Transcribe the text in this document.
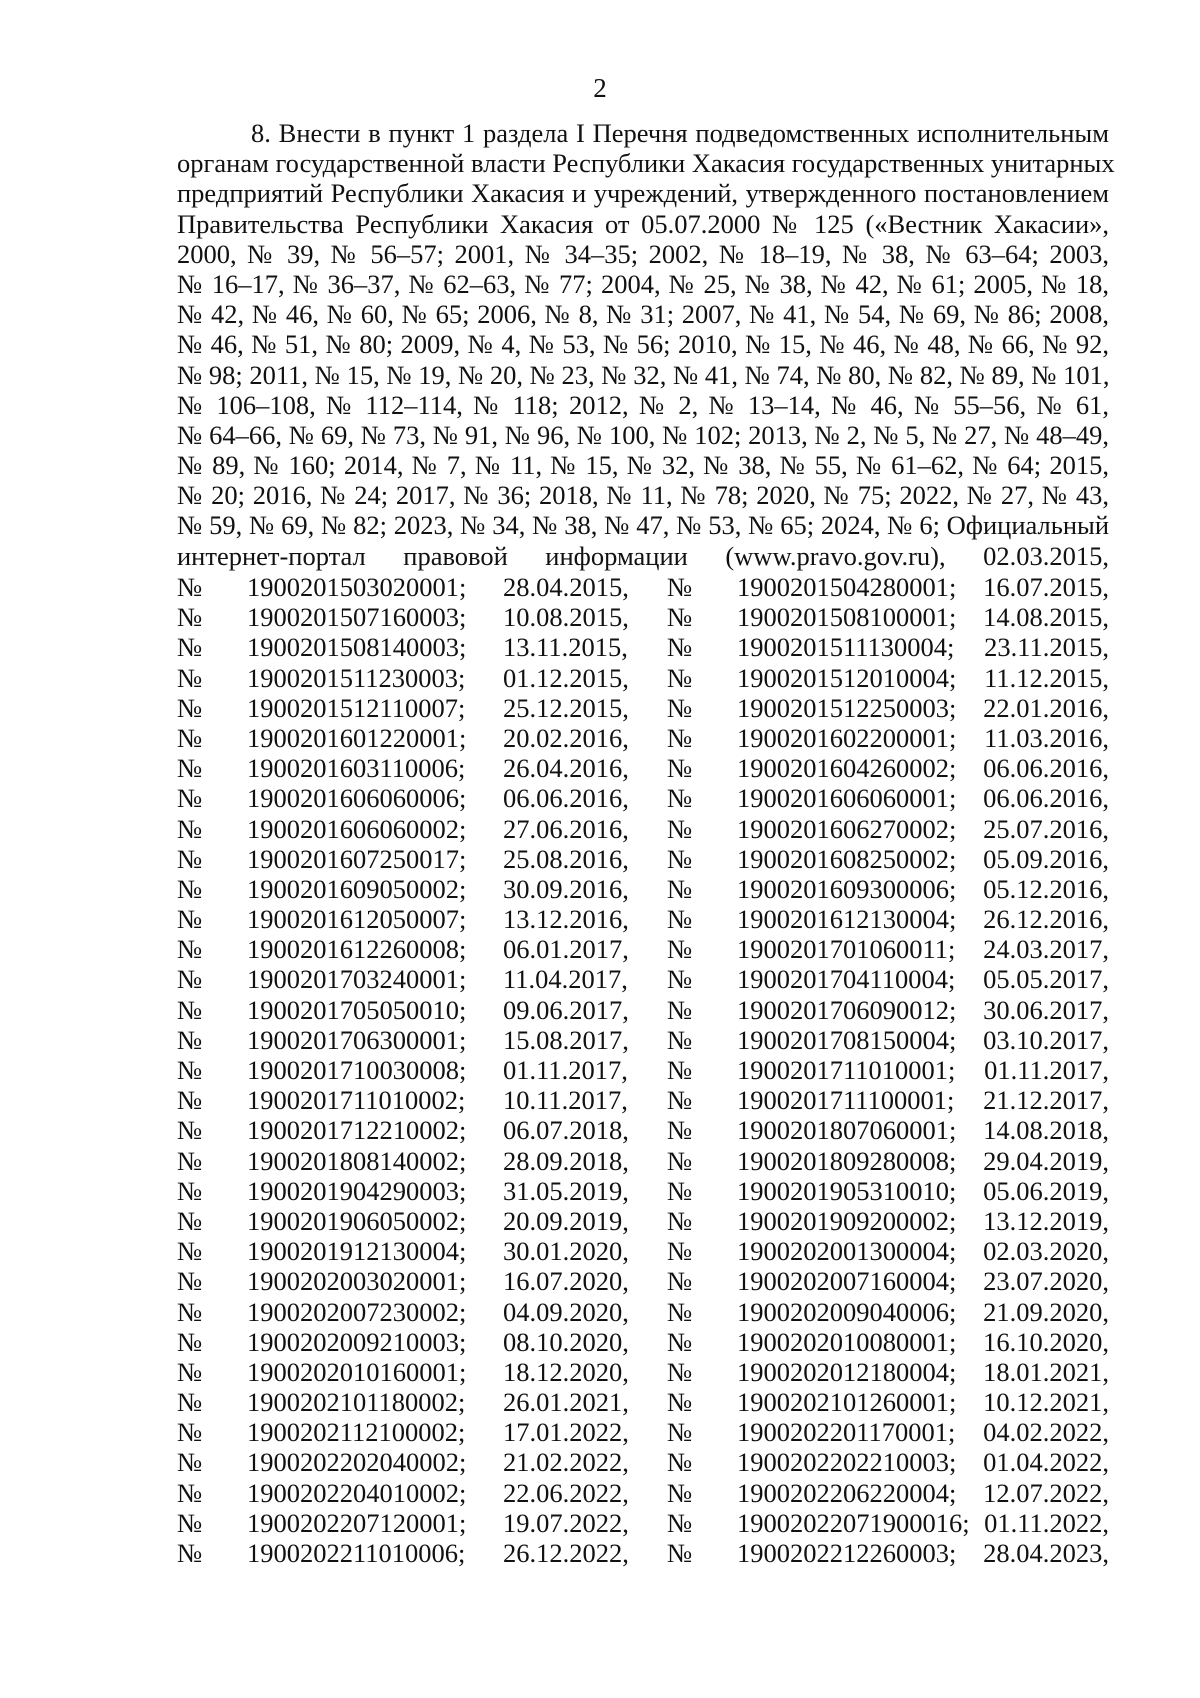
2
8. Внести в пункт 1 раздела I Перечня подведомственных исполнительным
органам государственной власти Республики Хакасия государственных унитарных
предприятий Республики Хакасия и учреждений, утвержденного постановлением
Правительства Республики Хакасия от 05.07.2000 № 125 («Вестник Хакасии»,
2000, № 39, № 56–57; 2001, № 34–35; 2002, № 18–19, № 38, № 63–64; 2003,
№ 16–17, № 36–37, № 62–63, № 77; 2004, № 25, № 38, № 42, № 61; 2005, № 18,
№ 42, № 46, № 60, № 65; 2006, № 8, № 31; 2007, № 41, № 54, № 69, № 86; 2008,
№ 46, № 51, № 80; 2009, № 4, № 53, № 56; 2010, № 15, № 46, № 48, № 66, № 92,
№ 98; 2011, № 15, № 19, № 20, № 23, № 32, № 41, № 74, № 80, № 82, № 89, № 101,
№ 106–108, № 112–114, № 118; 2012, № 2, № 13–14, № 46, № 55–56, № 61,
№ 64–66, № 69, № 73, № 91, № 96, № 100, № 102; 2013, № 2, № 5, № 27, № 48–49,
№ 89, № 160; 2014, № 7, № 11, № 15, № 32, № 38, № 55, № 61–62, № 64; 2015,
№ 20; 2016, № 24; 2017, № 36; 2018, № 11, № 78; 2020, № 75; 2022, № 27, № 43,
№ 59, № 69, № 82; 2023, № 34, № 38, № 47, № 53, № 65; 2024, № 6; Официальный
интернет-портал правовой информации (www.pravo.gov.ru), 02.03.2015,
№ 1900201503020001; 28.04.2015, № 1900201504280001; 16.07.2015,
№ 1900201507160003; 10.08.2015, № 1900201508100001; 14.08.2015,
№ 1900201508140003; 13.11.2015, № 1900201511130004; 23.11.2015,
№ 1900201511230003; 01.12.2015, № 1900201512010004; 11.12.2015,
№ 1900201512110007; 25.12.2015, № 1900201512250003; 22.01.2016,
№ 1900201601220001; 20.02.2016, № 1900201602200001; 11.03.2016,
№ 1900201603110006; 26.04.2016, № 1900201604260002; 06.06.2016,
№ 1900201606060006; 06.06.2016, № 1900201606060001; 06.06.2016,
№ 1900201606060002; 27.06.2016, № 1900201606270002; 25.07.2016,
№ 1900201607250017; 25.08.2016, № 1900201608250002; 05.09.2016,
№ 1900201609050002; 30.09.2016, № 1900201609300006; 05.12.2016,
№ 1900201612050007; 13.12.2016, № 1900201612130004; 26.12.2016,
№ 1900201612260008; 06.01.2017, № 1900201701060011; 24.03.2017,
№ 1900201703240001; 11.04.2017, № 1900201704110004; 05.05.2017,
№ 1900201705050010; 09.06.2017, № 1900201706090012; 30.06.2017,
№ 1900201706300001; 15.08.2017, № 1900201708150004; 03.10.2017,
№ 1900201710030008; 01.11.2017, № 1900201711010001; 01.11.2017,
№ 1900201711010002; 10.11.2017, № 1900201711100001; 21.12.2017,
№ 1900201712210002; 06.07.2018, № 1900201807060001; 14.08.2018,
№ 1900201808140002; 28.09.2018, № 1900201809280008; 29.04.2019,
№ 1900201904290003; 31.05.2019, № 1900201905310010; 05.06.2019,
№ 1900201906050002; 20.09.2019, № 1900201909200002; 13.12.2019,
№ 1900201912130004; 30.01.2020, № 1900202001300004; 02.03.2020,
№ 1900202003020001; 16.07.2020, № 1900202007160004; 23.07.2020,
№ 1900202007230002; 04.09.2020, № 1900202009040006; 21.09.2020,
№ 1900202009210003; 08.10.2020, № 1900202010080001; 16.10.2020,
№ 1900202010160001; 18.12.2020, № 1900202012180004; 18.01.2021,
№ 1900202101180002; 26.01.2021, № 1900202101260001; 10.12.2021,
№ 1900202112100002; 17.01.2022, № 1900202201170001; 04.02.2022,
№ 1900202202040002; 21.02.2022, № 1900202202210003; 01.04.2022,
№ 1900202204010002; 22.06.2022, № 1900202206220004; 12.07.2022,
№ 1900202207120001; 19.07.2022, № 19002022071900016; 01.11.2022,
№ 1900202211010006; 26.12.2022, № 1900202212260003; 28.04.2023,
